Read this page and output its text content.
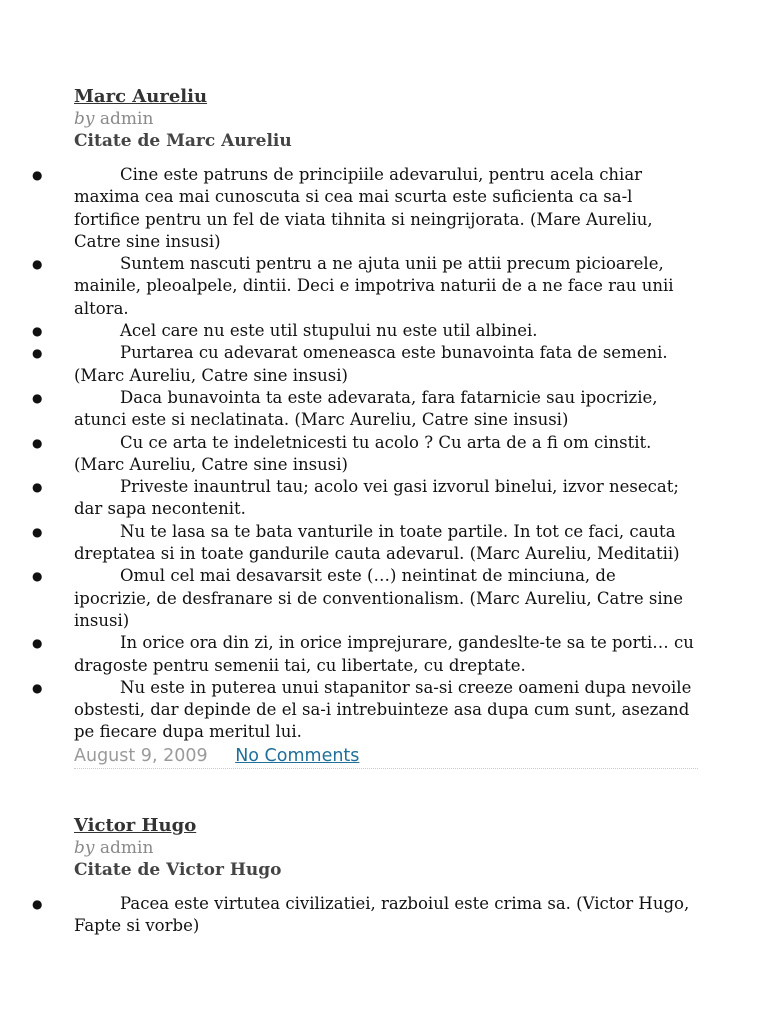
Marc Aureliu
by admin
Citate de Marc Aureliu
●	Cine este patruns de principiile adevarului, pentru acela chiar maxima cea mai cunoscuta si cea mai scurta este suficienta ca sa-l fortifice pentru un fel de viata tihnita si neingrijorata. (Mare Aureliu, Catre sine insusi)
●	Suntem nascuti pentru a ne ajuta unii pe attii precum picioarele, mainile, pleoalpele, dintii. Deci e impotriva naturii de a ne face rau unii altora.
●	Acel care nu este util stupului nu este util albinei.
●	Purtarea cu adevarat omeneasca este bunavointa fata de semeni. (Marc Aureliu, Catre sine insusi)
●	Daca bunavointa ta este adevarata, fara fatarnicie sau ipocrizie, atunci este si neclatinata. (Marc Aureliu, Catre sine insusi)
●	Cu ce arta te indeletnicesti tu acolo ? Cu arta de a fi om cinstit. (Marc Aureliu, Catre sine insusi)
●	Priveste inauntrul tau; acolo vei gasi izvorul binelui, izvor nesecat; dar sapa necontenit.
●	Nu te lasa sa te bata vanturile in toate partile. In tot ce faci, cauta dreptatea si in toate gandurile cauta adevarul. (Marc Aureliu, Meditatii)
●	Omul cel mai desavarsit este (…) neintinat de minciuna, de ipocrizie, de desfranare si de conventionalism. (Marc Aureliu, Catre sine insusi)
●	In orice ora din zi, in orice imprejurare, gandeslte-te sa te porti… cu dragoste pentru semenii tai, cu libertate, cu dreptate.
●	Nu este in puterea unui stapanitor sa-si creeze oameni dupa nevoile obstesti, dar depinde de el sa-i intrebuinteze asa dupa cum sunt, asezand pe fiecare dupa meritul lui.
August 9, 2009 No Comments
Victor Hugo
by admin
Citate de Victor Hugo
●	Pacea este virtutea civilizatiei, razboiul este crima sa. (Victor Hugo, Fapte si vorbe)
